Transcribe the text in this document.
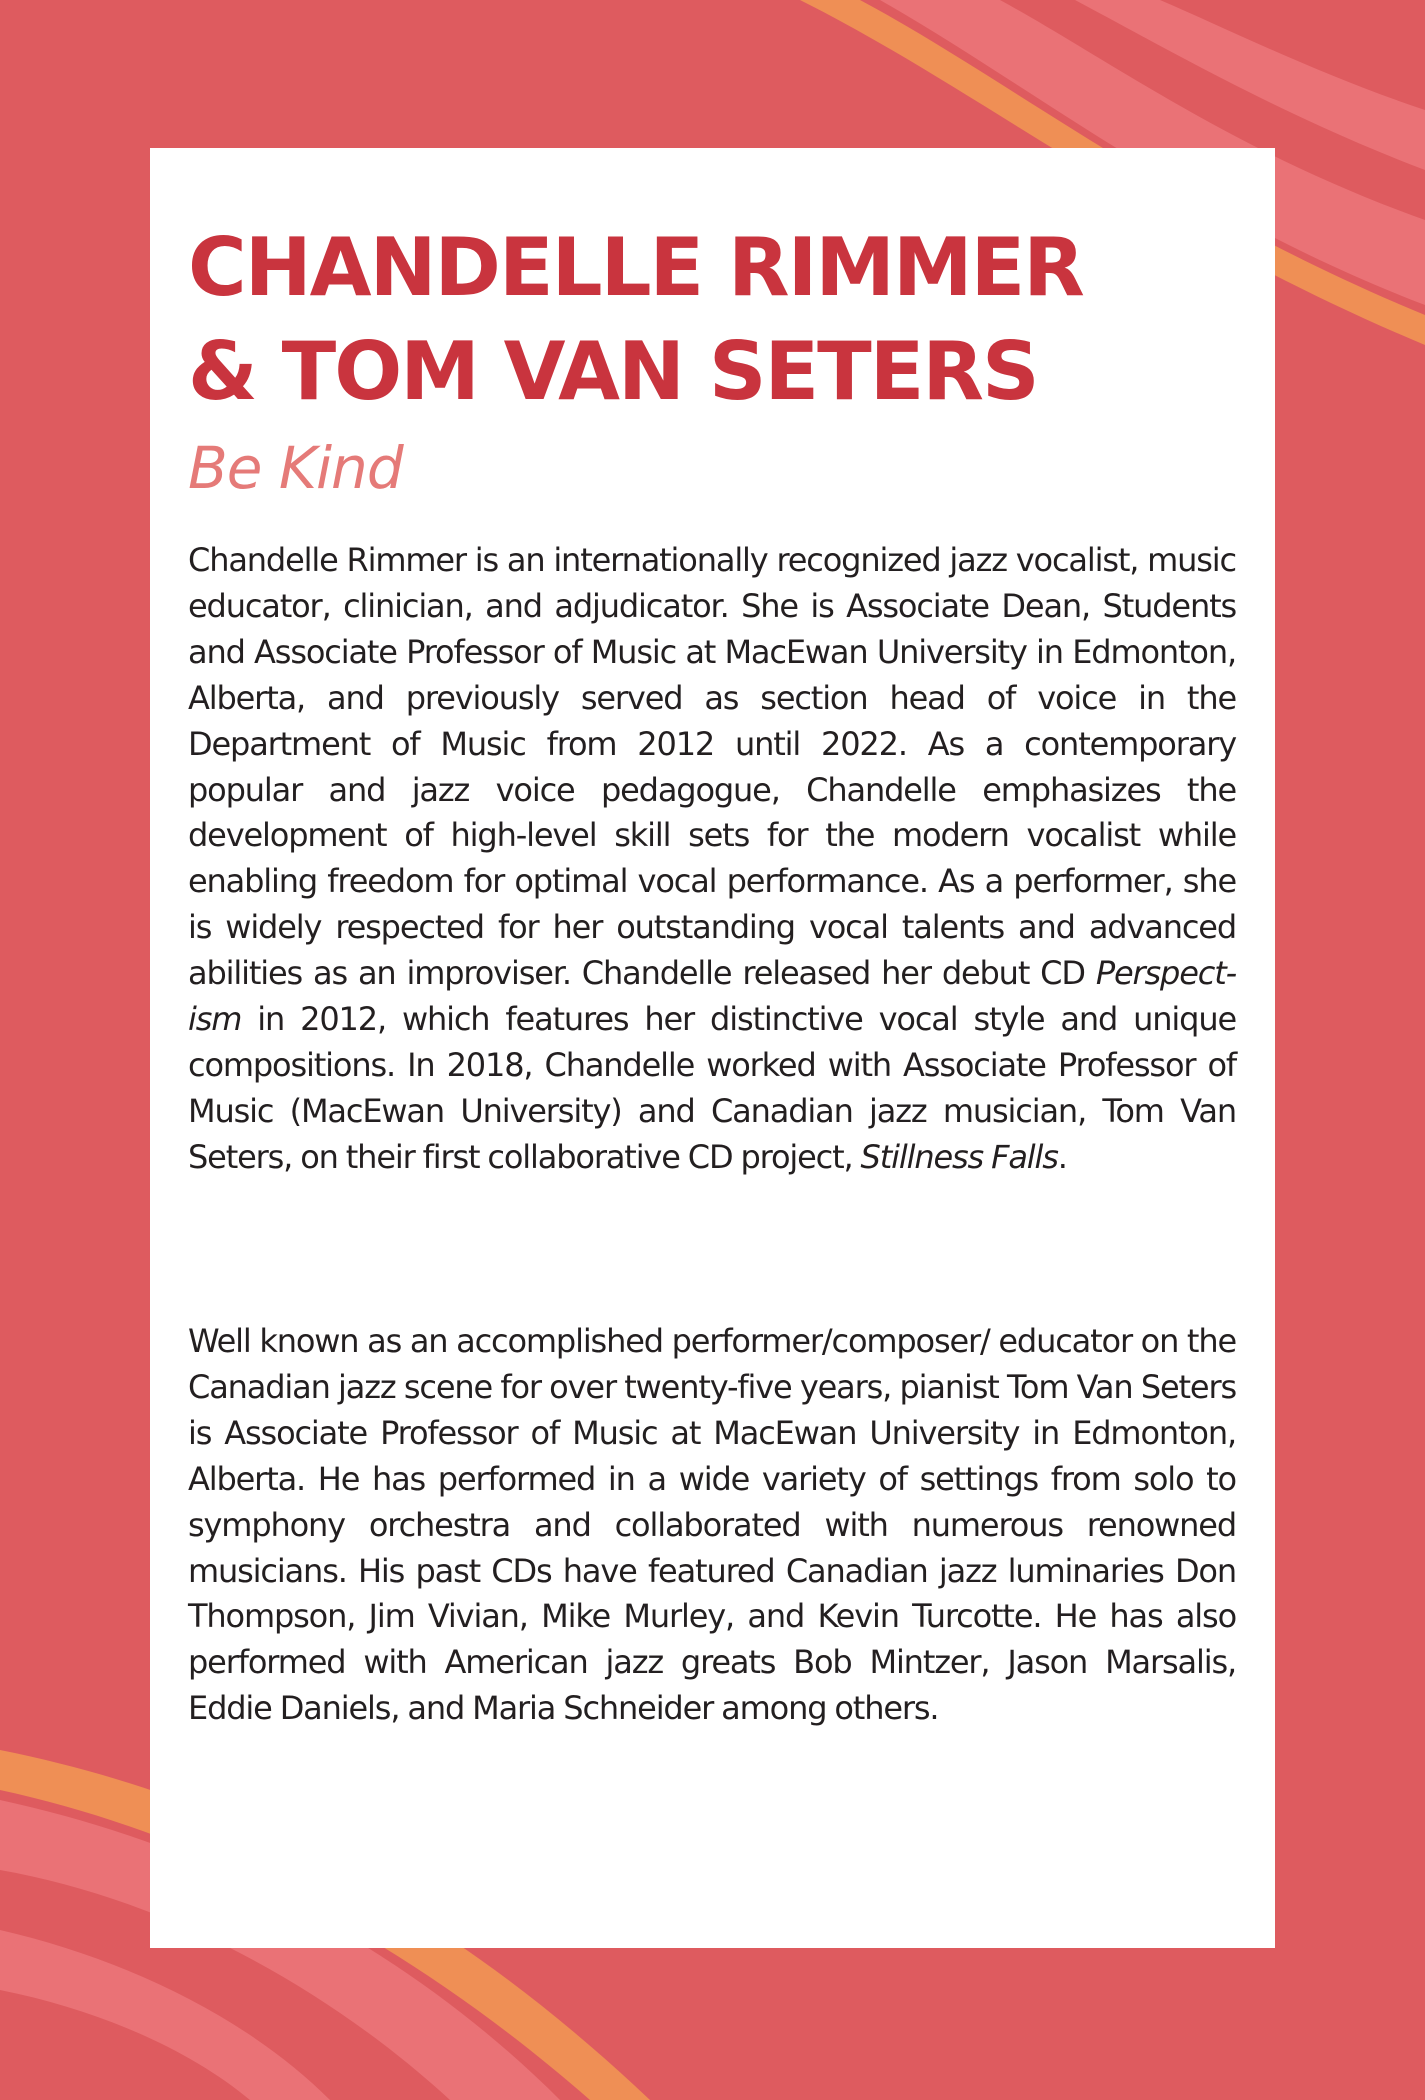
CHANDELLE RIMMER
& TOM VAN SETERS
Be Kind

Chandelle Rimmer is an internationally recognized jazz vocalist, music educator, clinician, and adjudicator. She is Associate Dean, Students and Associate Professor of Music at MacEwan University in Edmonton, Alberta, and previously served as section head of voice in the Department of Music from 2012 until 2022. As a contemporary popular and jazz voice pedagogue, Chandelle emphasizes the development of high-level skill sets for the modern vocalist while enabling freedom for optimal vocal performance. As a performer, she is widely respected for her outstanding vocal talents and advanced abilities as an improviser. Chandelle released her debut CD Perspect-ism in 2012, which features her distinctive vocal style and unique compositions. In 2018, Chandelle worked with Associate Professor of Music (MacEwan University) and Canadian jazz musician, Tom Van Seters, on their first collaborative CD project, Stillness Falls.

Well known as an accomplished performer/composer/ educator on the Canadian jazz scene for over twenty-five years, pianist Tom Van Seters is Associate Professor of Music at MacEwan University in Edmonton, Alberta. He has performed in a wide variety of settings from solo to symphony orchestra and collaborated with numerous renowned musicians. His past CDs have featured Canadian jazz luminaries Don Thompson, Jim Vivian, Mike Murley, and Kevin Turcotte. He has also performed with American jazz greats Bob Mintzer, Jason Marsalis, Eddie Daniels, and Maria Schneider among others.
